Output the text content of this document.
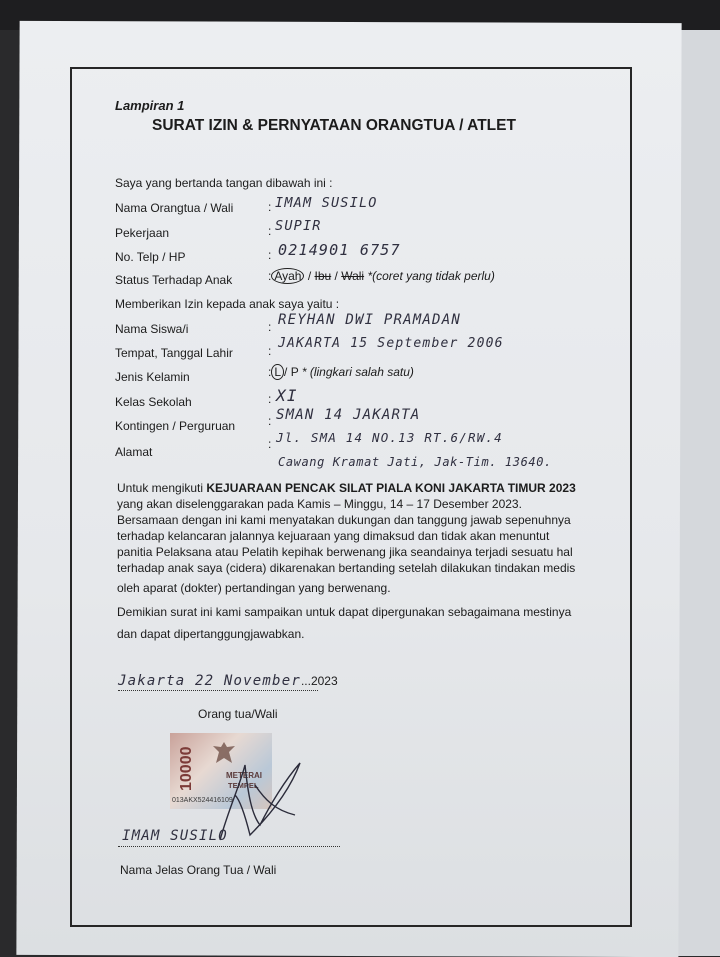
Lampiran 1
SURAT IZIN & PERNYATAAN ORANGTUA / ATLET
Saya yang bertanda tangan dibawah ini :
Nama Orangtua / Wali	: IMAM SUSILO
Pekerjaan	: SUPIR
No. Telp / HP	: 0214901 6757
Status Terhadap Anak	: Ayah / Ibu / Wali *(coret yang tidak perlu)
Memberikan Izin kepada anak saya yaitu :
Nama Siswa/i	: REYHAN DWI PRAMADAN
Tempat, Tanggal Lahir	: JAKARTA 15 September 2006
Jenis Kelamin	: L / P * (lingkari salah satu)
Kelas Sekolah	: XI
Kontingen / Perguruan	: SMAN 14 JAKARTA
Alamat
: Jl. SMA 14 NO.13 RT.6/RW.4
Cawang Kramat Jati, Jak-Tim. 13640.
Untuk mengikuti KEJUARAAN PENCAK SILAT PIALA KONI JAKARTA TIMUR 2023
yang akan diselenggarakan pada Kamis – Minggu, 14 – 17 Desember 2023.
Bersamaan dengan ini kami menyatakan dukungan dan tanggung jawab sepenuhnya
terhadap kelancaran jalannya kejuaraan yang dimaksud dan tidak akan menuntut
panitia Pelaksana atau Pelatih kepihak berwenang jika seandainya terjadi sesuatu hal
terhadap anak saya (cidera) dikarenakan bertanding setelah dilakukan tindakan medis
oleh aparat (dokter) pertandingan yang berwenang.
Demikian surat ini kami sampaikan untuk dapat dipergunakan sebagaimana mestinya
dan dapat dipertanggungjawabkan.
Jakarta 22 November...2023
Orang tua/Wali
10000	METERAI
TEMPEL
013AKX524416109
IMAM SUSILO
Nama Jelas Orang Tua / Wali
